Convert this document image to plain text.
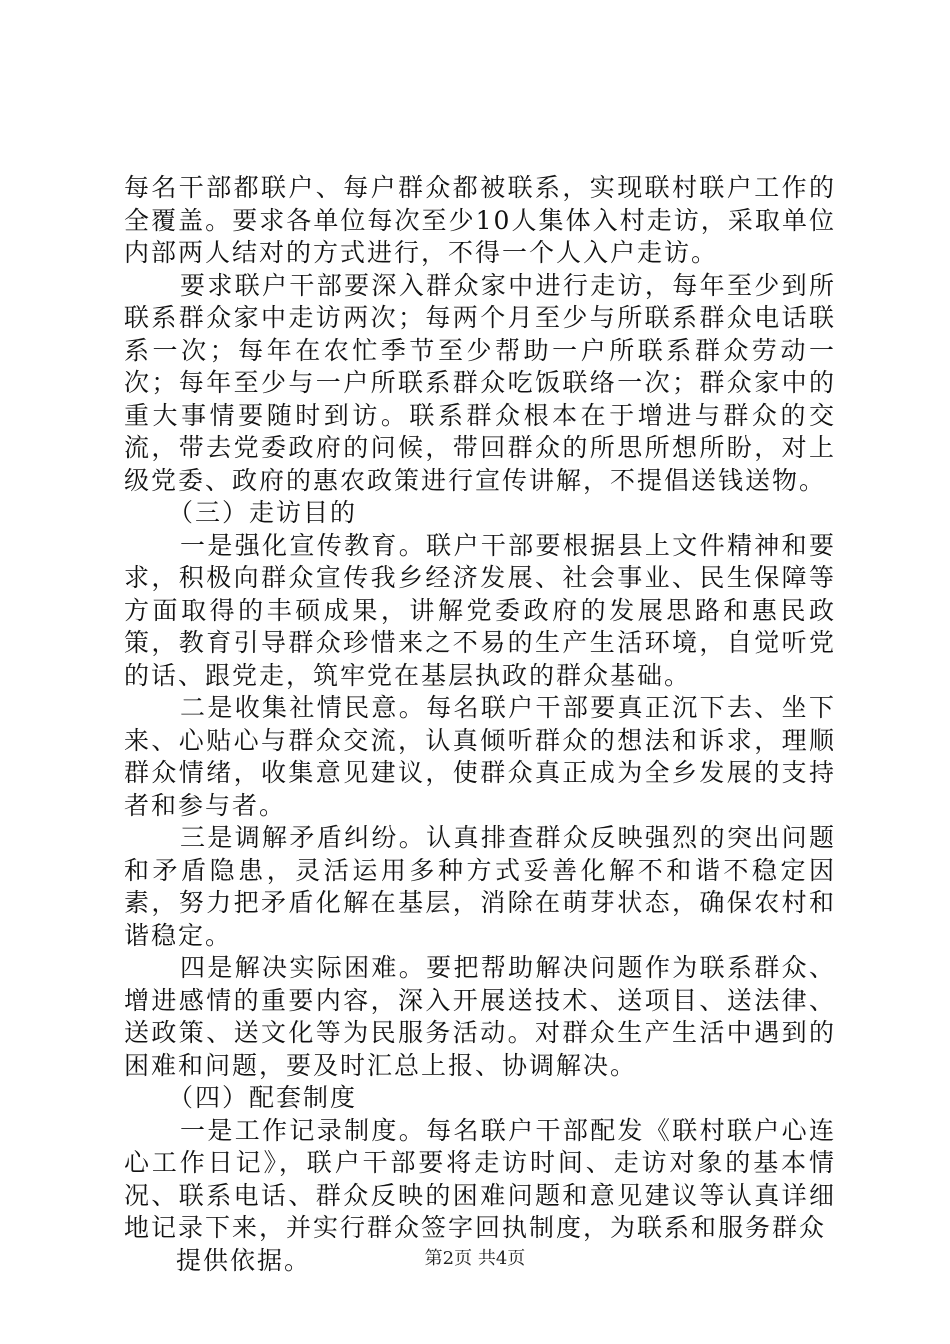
每名干部都联户、每户群众都被联系，实现联村联户工作的全覆盖。要求各单位每次至少10人集体入村走访，采取单位内部两人结对的方式进行，不得一个人入户走访。

要求联户干部要深入群众家中进行走访，每年至少到所联系群众家中走访两次；每两个月至少与所联系群众电话联系一次；每年在农忙季节至少帮助一户所联系群众劳动一次；每年至少与一户所联系群众吃饭联络一次；群众家中的重大事情要随时到访。联系群众根本在于增进与群众的交流，带去党委政府的问候，带回群众的所思所想所盼，对上级党委、政府的惠农政策进行宣传讲解，不提倡送钱送物。

（三）走访目的

一是强化宣传教育。联户干部要根据县上文件精神和要求，积极向群众宣传我乡经济发展、社会事业、民生保障等方面取得的丰硕成果，讲解党委政府的发展思路和惠民政策，教育引导群众珍惜来之不易的生产生活环境，自觉听党的话、跟党走，筑牢党在基层执政的群众基础。

二是收集社情民意。每名联户干部要真正沉下去、坐下来、心贴心与群众交流，认真倾听群众的想法和诉求，理顺群众情绪，收集意见建议，使群众真正成为全乡发展的支持者和参与者。

三是调解矛盾纠纷。认真排查群众反映强烈的突出问题和矛盾隐患，灵活运用多种方式妥善化解不和谐不稳定因素，努力把矛盾化解在基层，消除在萌芽状态，确保农村和谐稳定。

四是解决实际困难。要把帮助解决问题作为联系群众、增进感情的重要内容，深入开展送技术、送项目、送法律、送政策、送文化等为民服务活动。对群众生产生活中遇到的困难和问题，要及时汇总上报、协调解决。

（四）配套制度

一是工作记录制度。每名联户干部配发《联村联户心连心工作日记》，联户干部要将走访时间、走访对象的基本情况、联系电话、群众反映的困难问题和意见建议等认真详细地记录下来，并实行群众签字回执制度，为联系和服务群众

提供依据。	第2页 共4页
